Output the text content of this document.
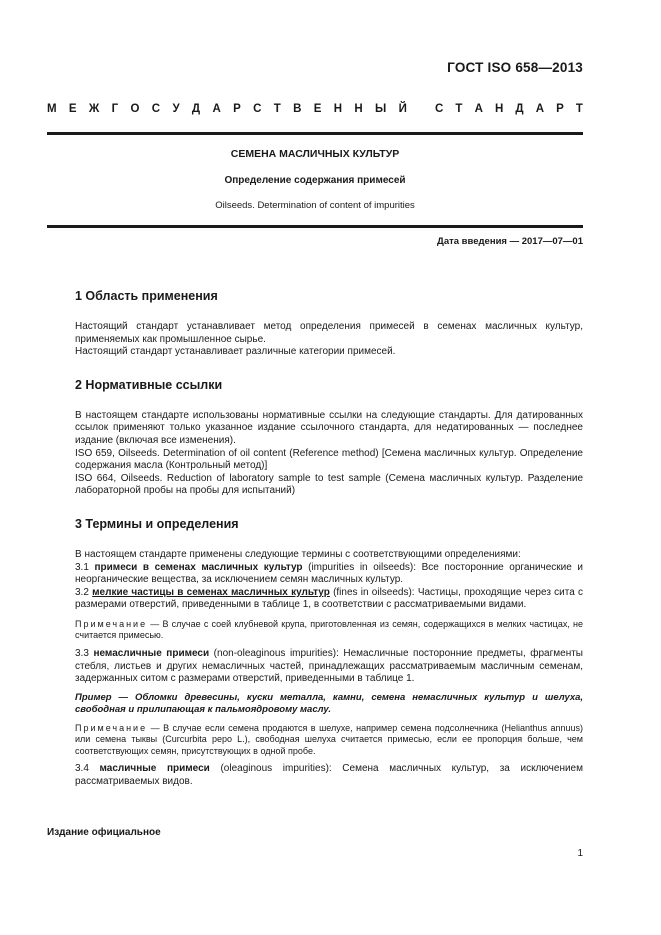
ГОСТ ISO 658—2013
М Е Ж Г О С У Д А Р С Т В Е Н Н Ы Й С Т А Н Д А Р Т
СЕМЕНА МАСЛИЧНЫХ КУЛЬТУР
Определение содержания примесей
Oilseeds. Determination of content of impurities
Дата введения — 2017—07—01
1 Область применения

Настоящий стандарт устанавливает метод определения примесей в семенах масличных культур, применяемых как промышленное сырье.

Настоящий стандарт устанавливает различные категории примесей.

2 Нормативные ссылки

В настоящем стандарте использованы нормативные ссылки на следующие стандарты. Для датированных ссылок применяют только указанное издание ссылочного стандарта, для недатированных — последнее издание (включая все изменения).

ISO 659, Oilseeds. Determination of oil content (Reference method) [Семена масличных культур. Определение содержания масла (Контрольный метод)]

ISO 664, Oilseeds. Reduction of laboratory sample to test sample (Семена масличных культур. Разделение лабораторной пробы на пробы для испытаний)

3 Термины и определения

В настоящем стандарте применены следующие термины с соответствующими определениями:

3.1 примеси в семенах масличных культур (impurities in oilseeds): Все посторонние органические и неорганические вещества, за исключением семян масличных культур.

3.2 мелкие частицы в семенах масличных культур (fines in oilseeds): Частицы, проходящие через сита с размерами отверстий, приведенными в таблице 1, в соответствии с рассматриваемыми видами.

Примечание — В случае с соей клубневой крупа, приготовленная из семян, содержащихся в мелких частицах, не считается примесью.

3.3 немасличные примеси (non-oleaginous impurities): Немасличные посторонние предметы, фрагменты стебля, листьев и других немасличных частей, принадлежащих рассматриваемым масличным семенам, задержанных ситом с размерами отверстий, приведенными в таблице 1.

Пример — Обломки древесины, куски металла, камни, семена немасличных культур и шелуха, свободная и прилипающая к пальмоядровому маслу.

Примечание — В случае если семена продаются в шелухе, например семена подсолнечника (Helianthus annuus) или семена тыквы (Curcurbita pepo L.), свободная шелуха считается примесью, если ее пропорция больше, чем соответствующих семян, присутствующих в одной пробе.

3.4 масличные примеси (oleaginous impurities): Семена масличных культур, за исключением рассматриваемых видов.

Издание официальное
1
